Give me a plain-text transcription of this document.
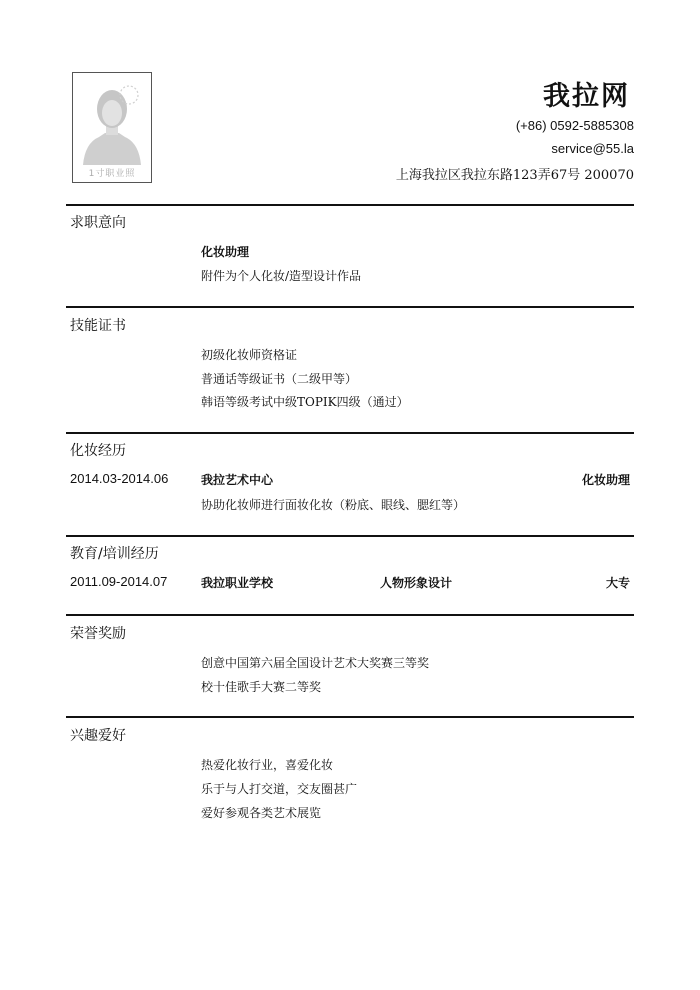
1寸职业照
我拉网
(+86) 0592-5885308
service@55.la
上海我拉区我拉东路123弄67号 200070
求职意向
化妆助理
附件为个人化妆/造型设计作品
技能证书
初级化妆师资格证
普通话等级证书（二级甲等）
韩语等级考试中级TOPIK四级（通过）
化妆经历
2014.03-2014.06	我拉艺术中心	化妆助理
协助化妆师进行面妆化妆（粉底、眼线、腮红等）
教育/培训经历
2011.09-2014.07	我拉职业学校	人物形象设计	大专
荣誉奖励
创意中国第六届全国设计艺术大奖赛三等奖
校十佳歌手大赛二等奖
兴趣爱好
热爱化妆行业，喜爱化妆
乐于与人打交道，交友圈甚广
爱好参观各类艺术展览
